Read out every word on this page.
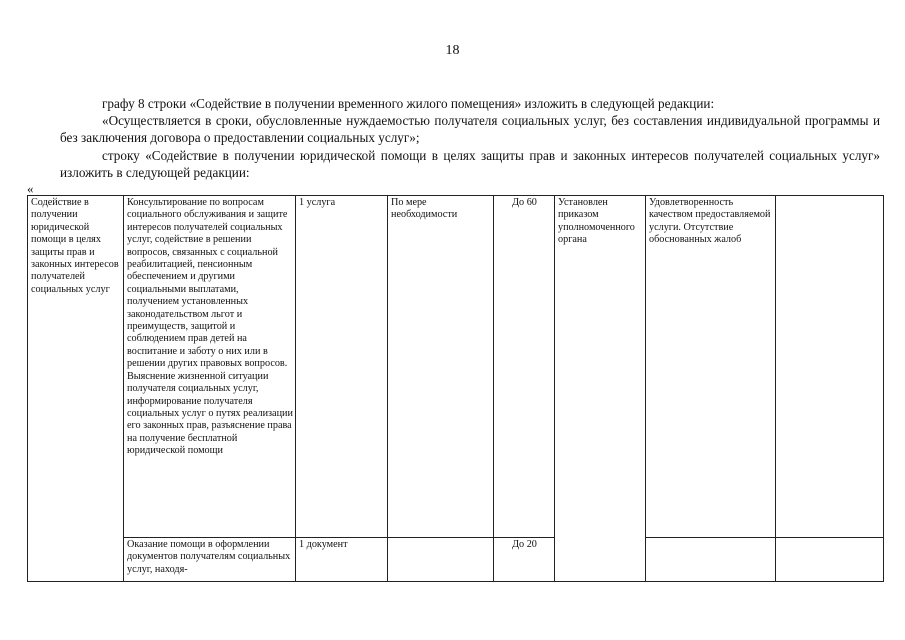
18
графу 8 строки «Содействие в получении временного жилого помещения» изложить в следующей редакции:
«Осуществляется в сроки, обусловленные нуждаемостью получателя социальных услуг, без составления индивидуальной программы и без заключения договора о предоставлении социальных услуг»;
строку «Содействие в получении юридической помощи в целях защиты прав и законных интересов получателей социальных услуг» изложить в следующей редакции:
«
Содействие в получении юридической помощи в целях защиты прав и законных интересов получателей социальных услуг	Консультирование по вопросам социального обслуживания и защите интересов получателей социальных услуг, содействие в решении вопросов, связанных с социальной реабилитацией, пенсионным обеспечением и другими социальными выплатами, получением установленных законодательством льгот и преимуществ, защитой и соблюдением прав детей на воспитание и заботу о них или в решении других правовых вопросов. Выяснение жизненной ситуации получателя социальных услуг, информирование получателя социальных услуг о путях реализации его законных прав, разъяснение права на получение бесплатной юридической помощи	1 услуга	По мере необходимости	До 60	Установлен приказом уполномоченного органа	Удовлетворенность качеством предоставляемой услуги. Отсутствие обоснованных жалоб	
	Оказание помощи в оформлении документов получателям социальных услуг, находя-	1 документ		До 20			
